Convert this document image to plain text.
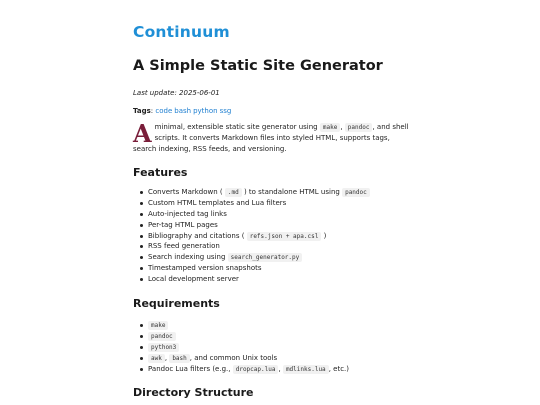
Continuum
A Simple Static Site Generator
Last update: 2025-06-01
Tags: code bash python ssg
A minimal, extensible static site generator using make , pandoc , and shell scripts. It converts Markdown files into styled HTML, supports tags, search indexing, RSS feeds, and versioning.
Features
Converts Markdown ( .md ) to standalone HTML using pandoc
Custom HTML templates and Lua filters
Auto-injected tag links
Per-tag HTML pages
Bibliography and citations ( refs.json + apa.csl )
RSS feed generation
Search indexing using search_generator.py
Timestamped version snapshots
Local development server
Requirements
make
pandoc
python3
awk , bash , and common Unix tools
Pandoc Lua filters (e.g., dropcap.lua , mdlinks.lua , etc.)
Directory Structure
